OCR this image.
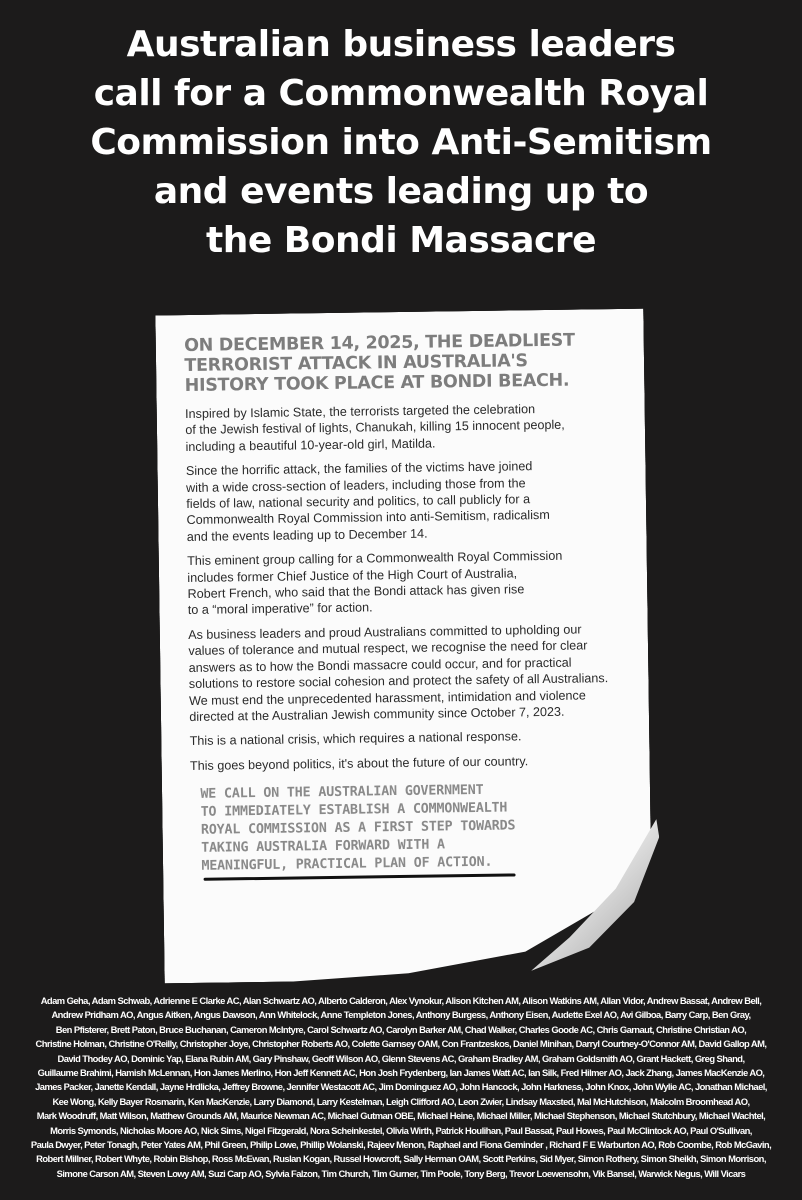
Australian business leaders
call for a Commonwealth Royal
Commission into Anti-Semitism
and events leading up to
the Bondi Massacre
ON DECEMBER 14, 2025, THE DEADLIEST
TERRORIST ATTACK IN AUSTRALIA'S
HISTORY TOOK PLACE AT BONDI BEACH.

Inspired by Islamic State, the terrorists targeted the celebration
of the Jewish festival of lights, Chanukah, killing 15 innocent people,
including a beautiful 10-year-old girl, Matilda.

Since the horrific attack, the families of the victims have joined
with a wide cross-section of leaders, including those from the
fields of law, national security and politics, to call publicly for a
Commonwealth Royal Commission into anti-Semitism, radicalism
and the events leading up to December 14.

This eminent group calling for a Commonwealth Royal Commission
includes former Chief Justice of the High Court of Australia,
Robert French, who said that the Bondi attack has given rise
to a “moral imperative” for action.

As business leaders and proud Australians committed to upholding our
values of tolerance and mutual respect, we recognise the need for clear
answers as to how the Bondi massacre could occur, and for practical
solutions to restore social cohesion and protect the safety of all Australians.
We must end the unprecedented harassment, intimidation and violence
directed at the Australian Jewish community since October 7, 2023.

This is a national crisis, which requires a national response.

This goes beyond politics, it's about the future of our country.

WE CALL ON THE AUSTRALIAN GOVERNMENT
TO IMMEDIATELY ESTABLISH A COMMONWEALTH
ROYAL COMMISSION AS A FIRST STEP TOWARDS
TAKING AUSTRALIA FORWARD WITH A
MEANINGFUL, PRACTICAL PLAN OF ACTION.
Adam Geha, Adam Schwab, Adrienne E Clarke AC, Alan Schwartz AO, Alberto Calderon, Alex Vynokur, Alison Kitchen AM, Alison Watkins AM, Allan Vidor, Andrew Bassat, Andrew Bell,
Andrew Pridham AO, Angus Aitken, Angus Dawson, Ann Whitelock, Anne Templeton Jones, Anthony Burgess, Anthony Eisen, Audette Exel AO, Avi Gilboa, Barry Carp, Ben Gray,
Ben Pfisterer, Brett Paton, Bruce Buchanan, Cameron McIntyre, Carol Schwartz AO, Carolyn Barker AM, Chad Walker, Charles Goode AC, Chris Garnaut, Christine Christian AO,
Christine Holman, Christine O'Reilly, Christopher Joye, Christopher Roberts AO, Colette Garnsey OAM, Con Frantzeskos, Daniel Minihan, Darryl Courtney-O'Connor AM, David Gallop AM,
David Thodey AO, Dominic Yap, Elana Rubin AM, Gary Pinshaw, Geoff Wilson AO, Glenn Stevens AC, Graham Bradley AM, Graham Goldsmith AO, Grant Hackett, Greg Shand,
Guillaume Brahimi, Hamish McLennan, Hon James Merlino, Hon Jeff Kennett AC, Hon Josh Frydenberg, Ian James Watt AC, Ian Silk, Fred Hilmer AO, Jack Zhang, James MacKenzie AO,
James Packer, Janette Kendall, Jayne Hrdlicka, Jeffrey Browne, Jennifer Westacott AC, Jim Dominguez AO, John Hancock, John Harkness, John Knox, John Wylie AC, Jonathan Michael,
Kee Wong, Kelly Bayer Rosmarin, Ken MacKenzie, Larry Diamond, Larry Kestelman, Leigh Clifford AO, Leon Zwier, Lindsay Maxsted, Mal McHutchison, Malcolm Broomhead AO,
Mark Woodruff, Matt Wilson, Matthew Grounds AM, Maurice Newman AC, Michael Gutman OBE, Michael Heine, Michael Miller, Michael Stephenson, Michael Stutchbury, Michael Wachtel,
Morris Symonds, Nicholas Moore AO, Nick Sims, Nigel Fitzgerald, Nora Scheinkestel, Olivia Wirth, Patrick Houlihan, Paul Bassat, Paul Howes, Paul McClintock AO, Paul O'Sullivan,
Paula Dwyer, Peter Tonagh, Peter Yates AM, Phil Green, Philip Lowe, Phillip Wolanski, Rajeev Menon, Raphael and Fiona Geminder , Richard F E Warburton AO, Rob Coombe, Rob McGavin,
Robert Millner, Robert Whyte, Robin Bishop, Ross McEwan, Ruslan Kogan, Russel Howcroft, Sally Herman OAM, Scott Perkins, Sid Myer, Simon Rothery, Simon Sheikh, Simon Morrison,
Simone Carson AM, Steven Lowy AM, Suzi Carp AO, Sylvia Falzon, Tim Church, Tim Gurner, Tim Poole, Tony Berg, Trevor Loewensohn, Vik Bansel, Warwick Negus, Will Vicars
